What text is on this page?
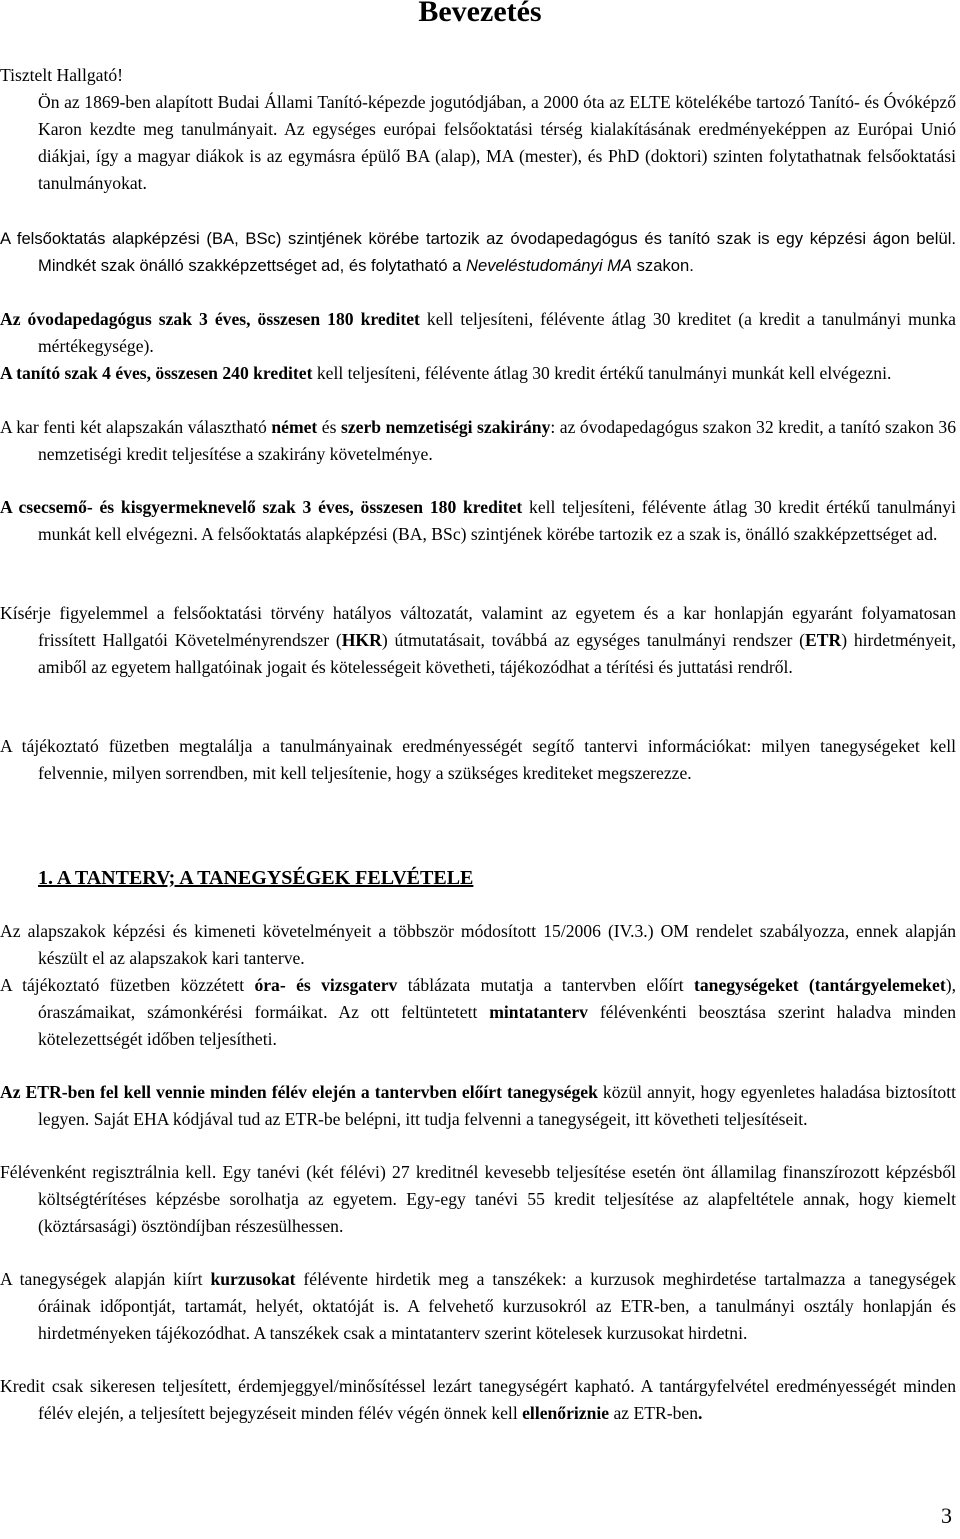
Bevezetés

Tisztelt Hallgató!

Ön az 1869-ben alapított Budai Állami Tanító-képezde jogutódjában, a 2000 óta az ELTE kötelékébe tartozó Tanító- és Óvóképző Karon kezdte meg tanulmányait. Az egységes európai felsőoktatási térség kialakításának eredményeképpen az Európai Unió diákjai, így a magyar diákok is az egymásra épülő BA (alap), MA (mester), és PhD (doktori) szinten folytathatnak felsőoktatási tanulmányokat.

A felsőoktatás alapképzési (BA, BSc) szintjének körébe tartozik az óvodapedagógus és tanító szak is egy képzési ágon belül. Mindkét szak önálló szakképzettséget ad, és folytatható a Neveléstudományi MA szakon.

Az óvodapedagógus szak 3 éves, összesen 180 kreditet kell teljesíteni, félévente átlag 30 kreditet (a kredit a tanulmányi munka mértékegysége).

A tanító szak 4 éves, összesen 240 kreditet kell teljesíteni, félévente átlag 30 kredit értékű tanulmányi munkát kell elvégezni.

A kar fenti két alapszakán választható német és szerb nemzetiségi szakirány: az óvodapedagógus szakon 32 kredit, a tanító szakon 36 nemzetiségi kredit teljesítése a szakirány követelménye.

A csecsemő- és kisgyermeknevelő szak 3 éves, összesen 180 kreditet kell teljesíteni, félévente átlag 30 kredit értékű tanulmányi munkát kell elvégezni. A felsőoktatás alapképzési (BA, BSc) szintjének körébe tartozik ez a szak is, önálló szakképzettséget ad.

Kísérje figyelemmel a felsőoktatási törvény hatályos változatát, valamint az egyetem és a kar honlapján egyaránt folyamatosan frissített Hallgatói Követelményrendszer (HKR) útmutatásait, továbbá az egységes tanulmányi rendszer (ETR) hirdetményeit, amiből az egyetem hallgatóinak jogait és kötelességeit követheti, tájékozódhat a térítési és juttatási rendről.

A tájékoztató füzetben megtalálja a tanulmányainak eredményességét segítő tantervi információkat: milyen tanegységeket kell felvennie, milyen sorrendben, mit kell teljesítenie, hogy a szükséges krediteket megszerezze.

1. A TANTERV; A TANEGYSÉGEK FELVÉTELE

Az alapszakok képzési és kimeneti követelményeit a többször módosított 15/2006 (IV.3.) OM rendelet szabályozza, ennek alapján készült el az alapszakok kari tanterve.

A tájékoztató füzetben közzétett óra- és vizsgaterv táblázata mutatja a tantervben előírt tanegységeket (tantárgyelemeket), óraszámaikat, számonkérési formáikat. Az ott feltüntetett mintatanterv félévenkénti beosztása szerint haladva minden kötelezettségét időben teljesítheti.

Az ETR-ben fel kell vennie minden félév elején a tantervben előírt tanegységek közül annyit, hogy egyenletes haladása biztosított legyen. Saját EHA kódjával tud az ETR-be belépni, itt tudja felvenni a tanegységeit, itt követheti teljesítéseit.

Félévenként regisztrálnia kell. Egy tanévi (két félévi) 27 kreditnél kevesebb teljesítése esetén önt államilag finanszírozott képzésből költségtérítéses képzésbe sorolhatja az egyetem. Egy-egy tanévi 55 kredit teljesítése az alapfeltétele annak, hogy kiemelt (köztársasági) ösztöndíjban részesülhessen.

A tanegységek alapján kiírt kurzusokat félévente hirdetik meg a tanszékek: a kurzusok meghirdetése tartalmazza a tanegységek óráinak időpontját, tartamát, helyét, oktatóját is. A felvehető kurzusokról az ETR-ben, a tanulmányi osztály honlapján és hirdetményeken tájékozódhat. A tanszékek csak a mintatanterv szerint kötelesek kurzusokat hirdetni.

Kredit csak sikeresen teljesített, érdemjeggyel/minősítéssel lezárt tanegységért kapható. A tantárgyfelvétel eredményességét minden félév elején, a teljesített bejegyzéseit minden félév végén önnek kell ellenőriznie az ETR-ben.

3
